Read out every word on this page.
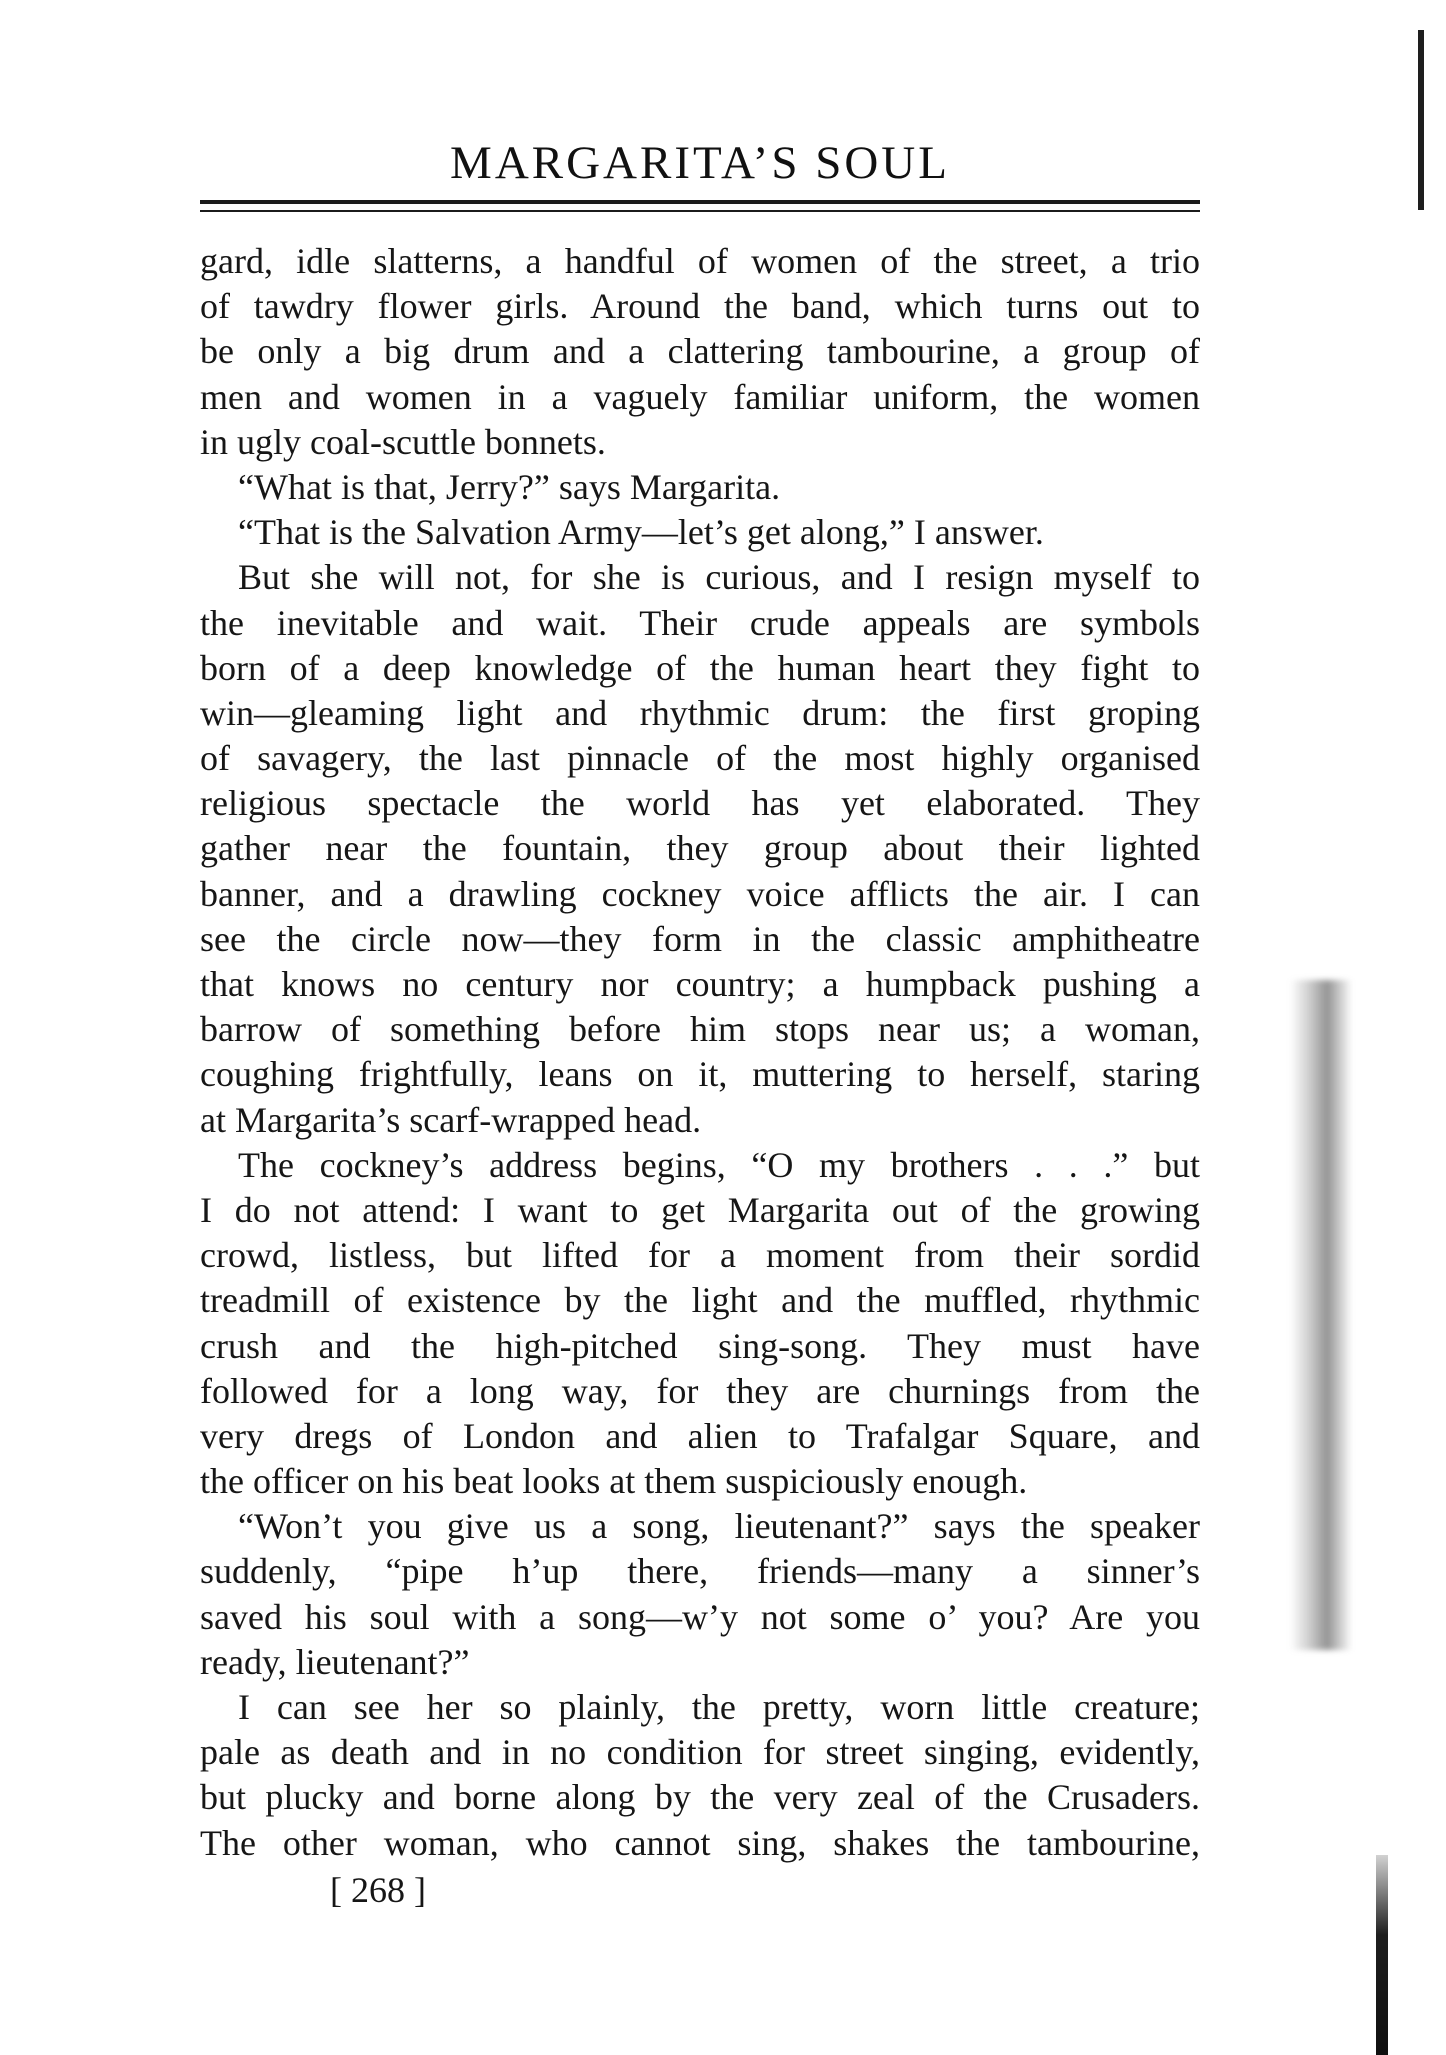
MARGARITA’S SOUL
gard, idle slatterns, a handful of women of the street, a trio
of tawdry flower girls. Around the band, which turns out to
be only a big drum and a clattering tambourine, a group of
men and women in a vaguely familiar uniform, the women
in ugly coal-scuttle bonnets.
“What is that, Jerry?” says Margarita.
“That is the Salvation Army—let’s get along,” I answer.
But she will not, for she is curious, and I resign myself to
the inevitable and wait. Their crude appeals are symbols
born of a deep knowledge of the human heart they fight to
win—gleaming light and rhythmic drum: the first groping
of savagery, the last pinnacle of the most highly organised
religious spectacle the world has yet elaborated. They
gather near the fountain, they group about their lighted
banner, and a drawling cockney voice afflicts the air. I can
see the circle now—they form in the classic amphitheatre
that knows no century nor country; a humpback pushing a
barrow of something before him stops near us; a woman,
coughing frightfully, leans on it, muttering to herself, staring
at Margarita’s scarf-wrapped head.
The cockney’s address begins, “O my brothers . . .” but
I do not attend: I want to get Margarita out of the growing
crowd, listless, but lifted for a moment from their sordid
treadmill of existence by the light and the muffled, rhythmic
crush and the high-pitched sing-song. They must have
followed for a long way, for they are churnings from the
very dregs of London and alien to Trafalgar Square, and
the officer on his beat looks at them suspiciously enough.
“Won’t you give us a song, lieutenant?” says the speaker
suddenly, “pipe h’up there, friends—many a sinner’s
saved his soul with a song—w’y not some o’ you? Are you
ready, lieutenant?”
I can see her so plainly, the pretty, worn little creature;
pale as death and in no condition for street singing, evidently,
but plucky and borne along by the very zeal of the Crusaders.
The other woman, who cannot sing, shakes the tambourine,
[ 268 ]
